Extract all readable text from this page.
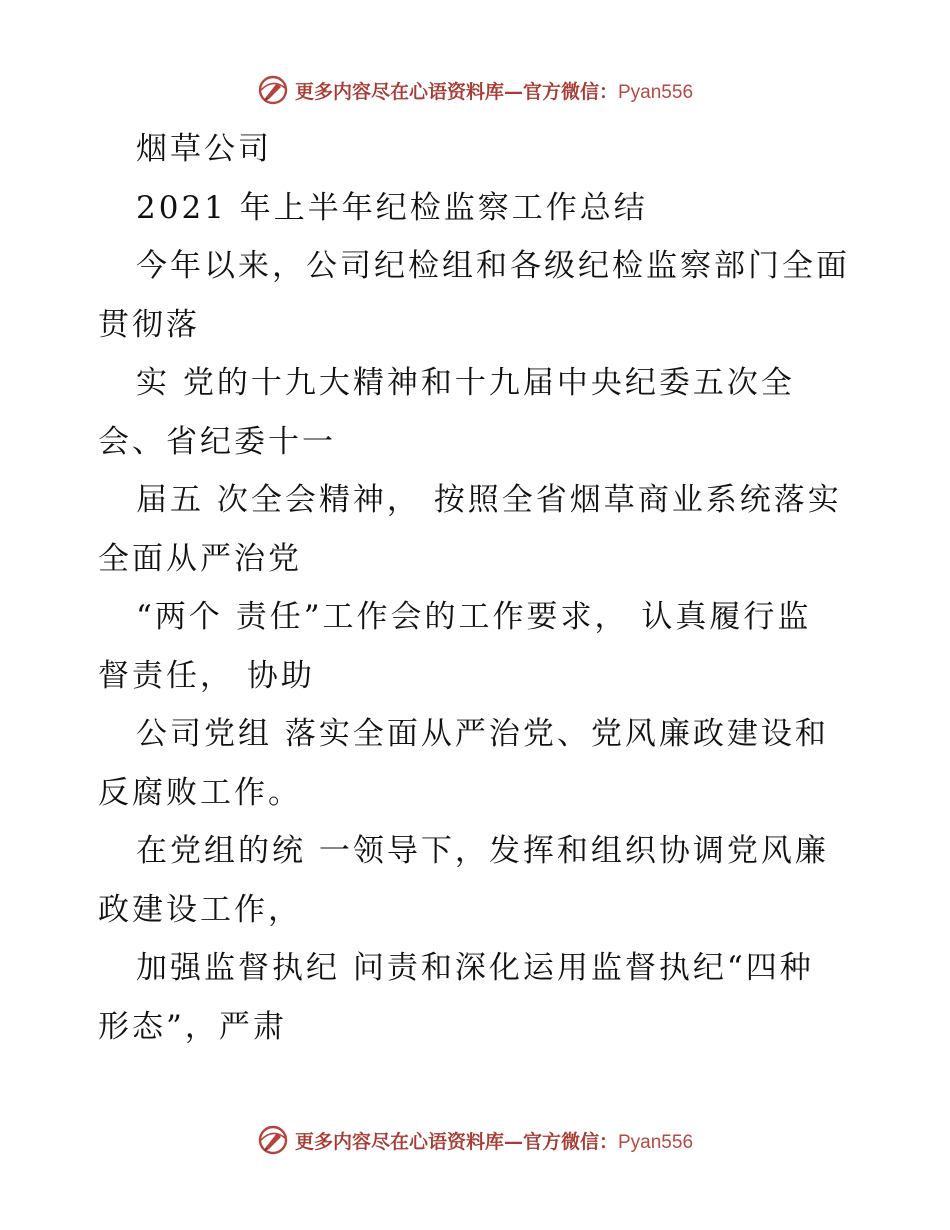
更多内容尽在心语资料库—官方微信：Pyan556
烟草公司
2021 年上半年纪检监察工作总结
今年以来，公司纪检组和各级纪检监察部门全面
贯彻落
实 党的十九大精神和十九届中央纪委五次全
会、省纪委十一
届五 次全会精神， 按照全省烟草商业系统落实
全面从严治党
“两个 责任”工作会的工作要求， 认真履行监
督责任， 协助
公司党组 落实全面从严治党、党风廉政建设和
反腐败工作。
在党组的统 一领导下，发挥和组织协调党风廉
政建设工作，
加强监督执纪 问责和深化运用监督执纪“四种
形态”，严肃
更多内容尽在心语资料库—官方微信：Pyan556
